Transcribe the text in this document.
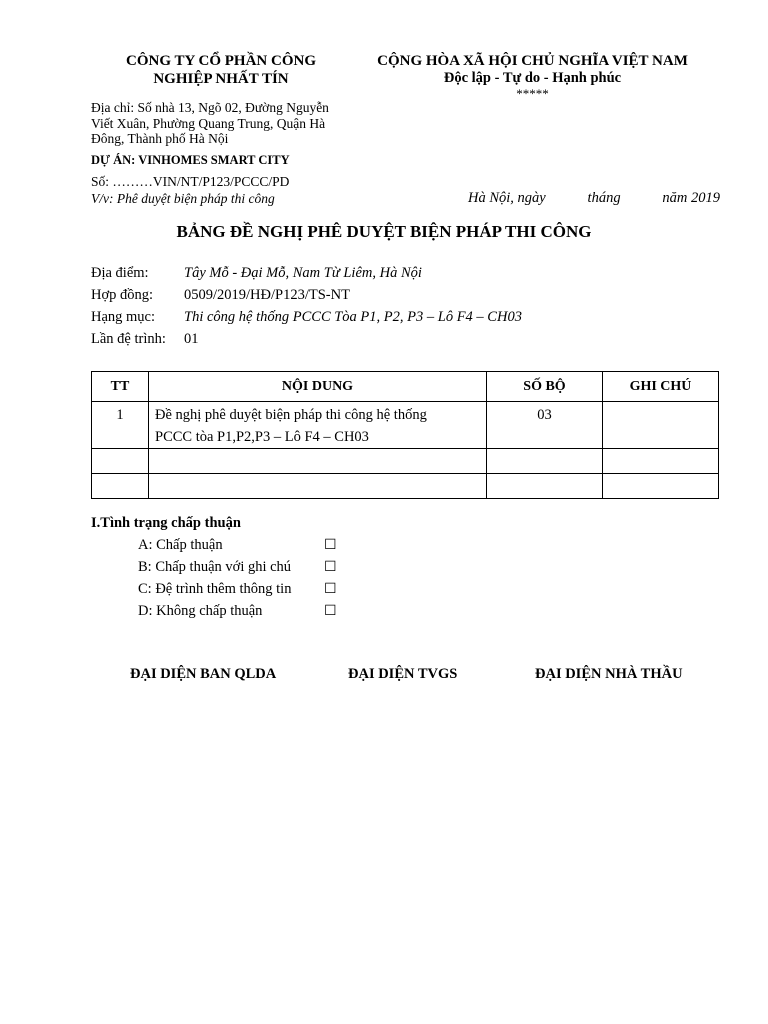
CÔNG TY CỔ PHẦN CÔNG
NGHIỆP NHẤT TÍN
CỘNG HÒA XÃ HỘI CHỦ NGHĨA VIỆT NAM
Độc lập - Tự do - Hạnh phúc
*****
Địa chỉ: Số nhà 13, Ngõ 02, Đường Nguyễn
Viết Xuân, Phường Quang Trung, Quận Hà
Đông, Thành phố Hà Nội
DỰ ÁN: VINHOMES SMART CITY
Số: ………VIN/NT/P123/PCCC/PD
V/v: Phê duyệt biện pháp thi công	Hà Nội, ngày	tháng	năm 2019
BẢNG ĐỀ NGHỊ PHÊ DUYỆT BIỆN PHÁP THI CÔNG
Địa điểm: Tây Mỗ - Đại Mỗ, Nam Từ Liêm, Hà Nội
Hợp đồng: 0509/2019/HĐ/P123/TS-NT
Hạng mục: Thi công hệ thống PCCC Tòa P1, P2, P3 – Lô F4 – CH03
Lần đệ trình: 01
TT	NỘI DUNG	SỐ BỘ	GHI CHÚ

1	Đề nghị phê duyệt biện pháp thi công hệ thống
PCCC tòa P1,P2,P3 – Lô F4 – CH03	03	

I.Tình trạng chấp thuận
A: Chấp thuận	☐
B: Chấp thuận với ghi chú ☐
C: Đệ trình thêm thông tin ☐
D: Không chấp thuận	☐
ĐẠI DIỆN BAN QLDA	ĐẠI DIỆN TVGS	ĐẠI DIỆN NHÀ THẦU
